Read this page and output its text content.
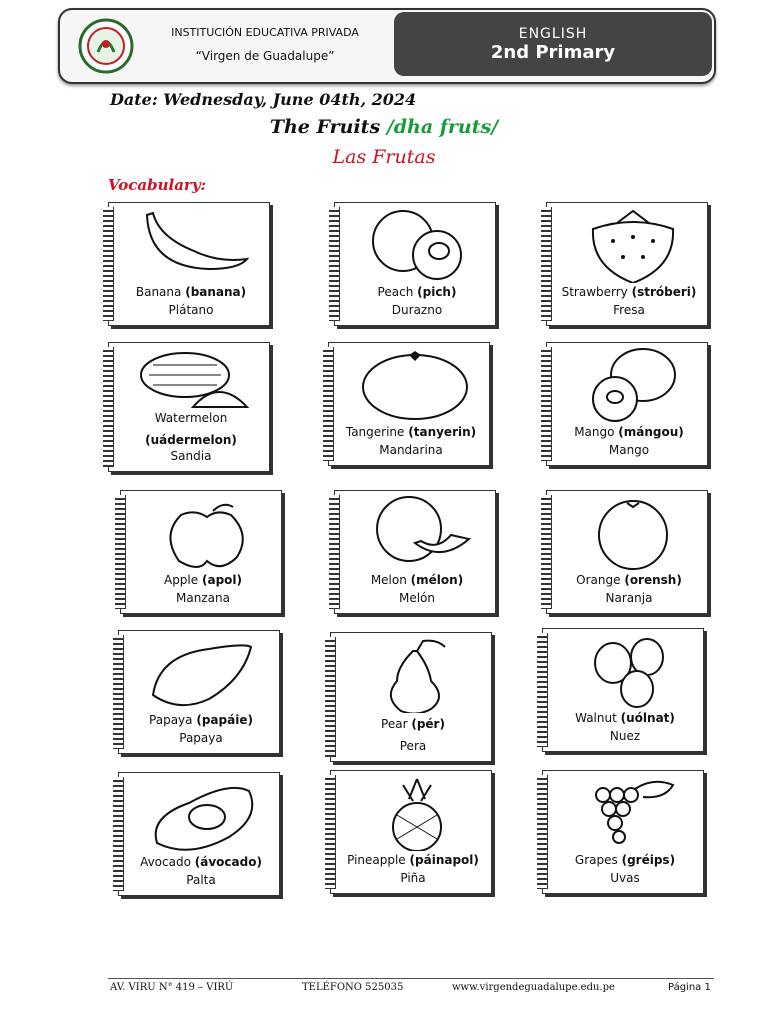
INSTITUCIÓN EDUCATIVA PRIVADA
“Virgen de Guadalupe”
ENGLISH
2nd Primary
Date: Wednesday, June 04th, 2024
The Fruits /dha fruts/
Las Frutas
Vocabulary:
Banana (banana)
Plátano
Peach (pich)
Durazno
Strawberry (stróberi)
Fresa
Watermelon
(uádermelon)
Sandia
Tangerine (tanyerin)
Mandarina
Mango (mángou)
Mango
Apple (apol)
Manzana
Melon (mélon)
Melón
Orange (orensh)
Naranja
Papaya (papáie)
Papaya
Pear (pér)
Pera
Walnut (uólnat)
Nuez
Avocado (ávocado)
Palta
Pineapple (páinapol)
Piña
Grapes (gréips)
Uvas
AV. VIRU N° 419 – VIRÚ	TELÉFONO 525035	www.virgendeguadalupe.edu.pe	Página 1
